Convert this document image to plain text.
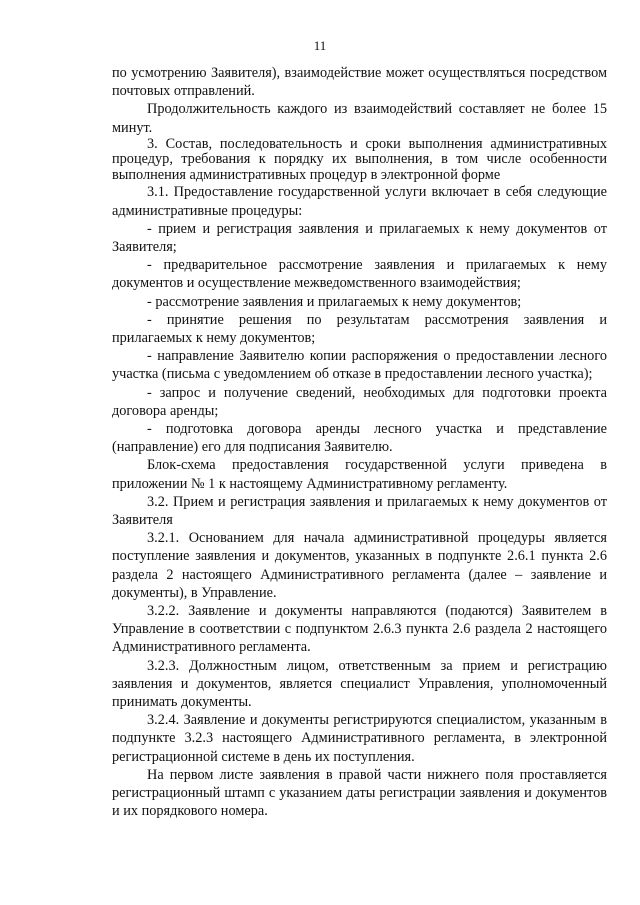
11

по усмотрению Заявителя), взаимодействие может осуществляться посредством почтовых отправлений.

Продолжительность каждого из взаимодействий составляет не более 15 минут.

3. Состав, последовательность и сроки выполнения административных процедур, требования к порядку их выполнения, в том числе особенности выполнения административных процедур в электронной форме

3.1. Предоставление государственной услуги включает в себя следующие административные процедуры:

- прием и регистрация заявления и прилагаемых к нему документов от Заявителя;

- предварительное рассмотрение заявления и прилагаемых к нему документов и осуществление межведомственного взаимодействия;

- рассмотрение заявления и прилагаемых к нему документов;

- принятие решения по результатам рассмотрения заявления и прилагаемых к нему документов;

- направление Заявителю копии распоряжения о предоставлении лесного участка (письма с уведомлением об отказе в предоставлении лесного участка);

- запрос и получение сведений, необходимых для подготовки проекта договора аренды;

- подготовка договора аренды лесного участка и представление (направление) его для подписания Заявителю.

Блок-схема предоставления государственной услуги приведена в приложении № 1 к настоящему Административному регламенту.

3.2. Прием и регистрация заявления и прилагаемых к нему документов от Заявителя

3.2.1. Основанием для начала административной процедуры является поступление заявления и документов, указанных в подпункте 2.6.1 пункта 2.6 раздела 2 настоящего Административного регламента (далее – заявление и документы), в Управление.

3.2.2. Заявление и документы направляются (подаются) Заявителем в Управление в соответствии с подпунктом 2.6.3 пункта 2.6 раздела 2 настоящего Административного регламента.

3.2.3. Должностным лицом, ответственным за прием и регистрацию заявления и документов, является специалист Управления, уполномоченный принимать документы.

3.2.4. Заявление и документы регистрируются специалистом, указанным в подпункте 3.2.3 настоящего Административного регламента, в электронной регистрационной системе в день их поступления.

На первом листе заявления в правой части нижнего поля проставляется регистрационный штамп с указанием даты регистрации заявления и документов и их порядкового номера.
